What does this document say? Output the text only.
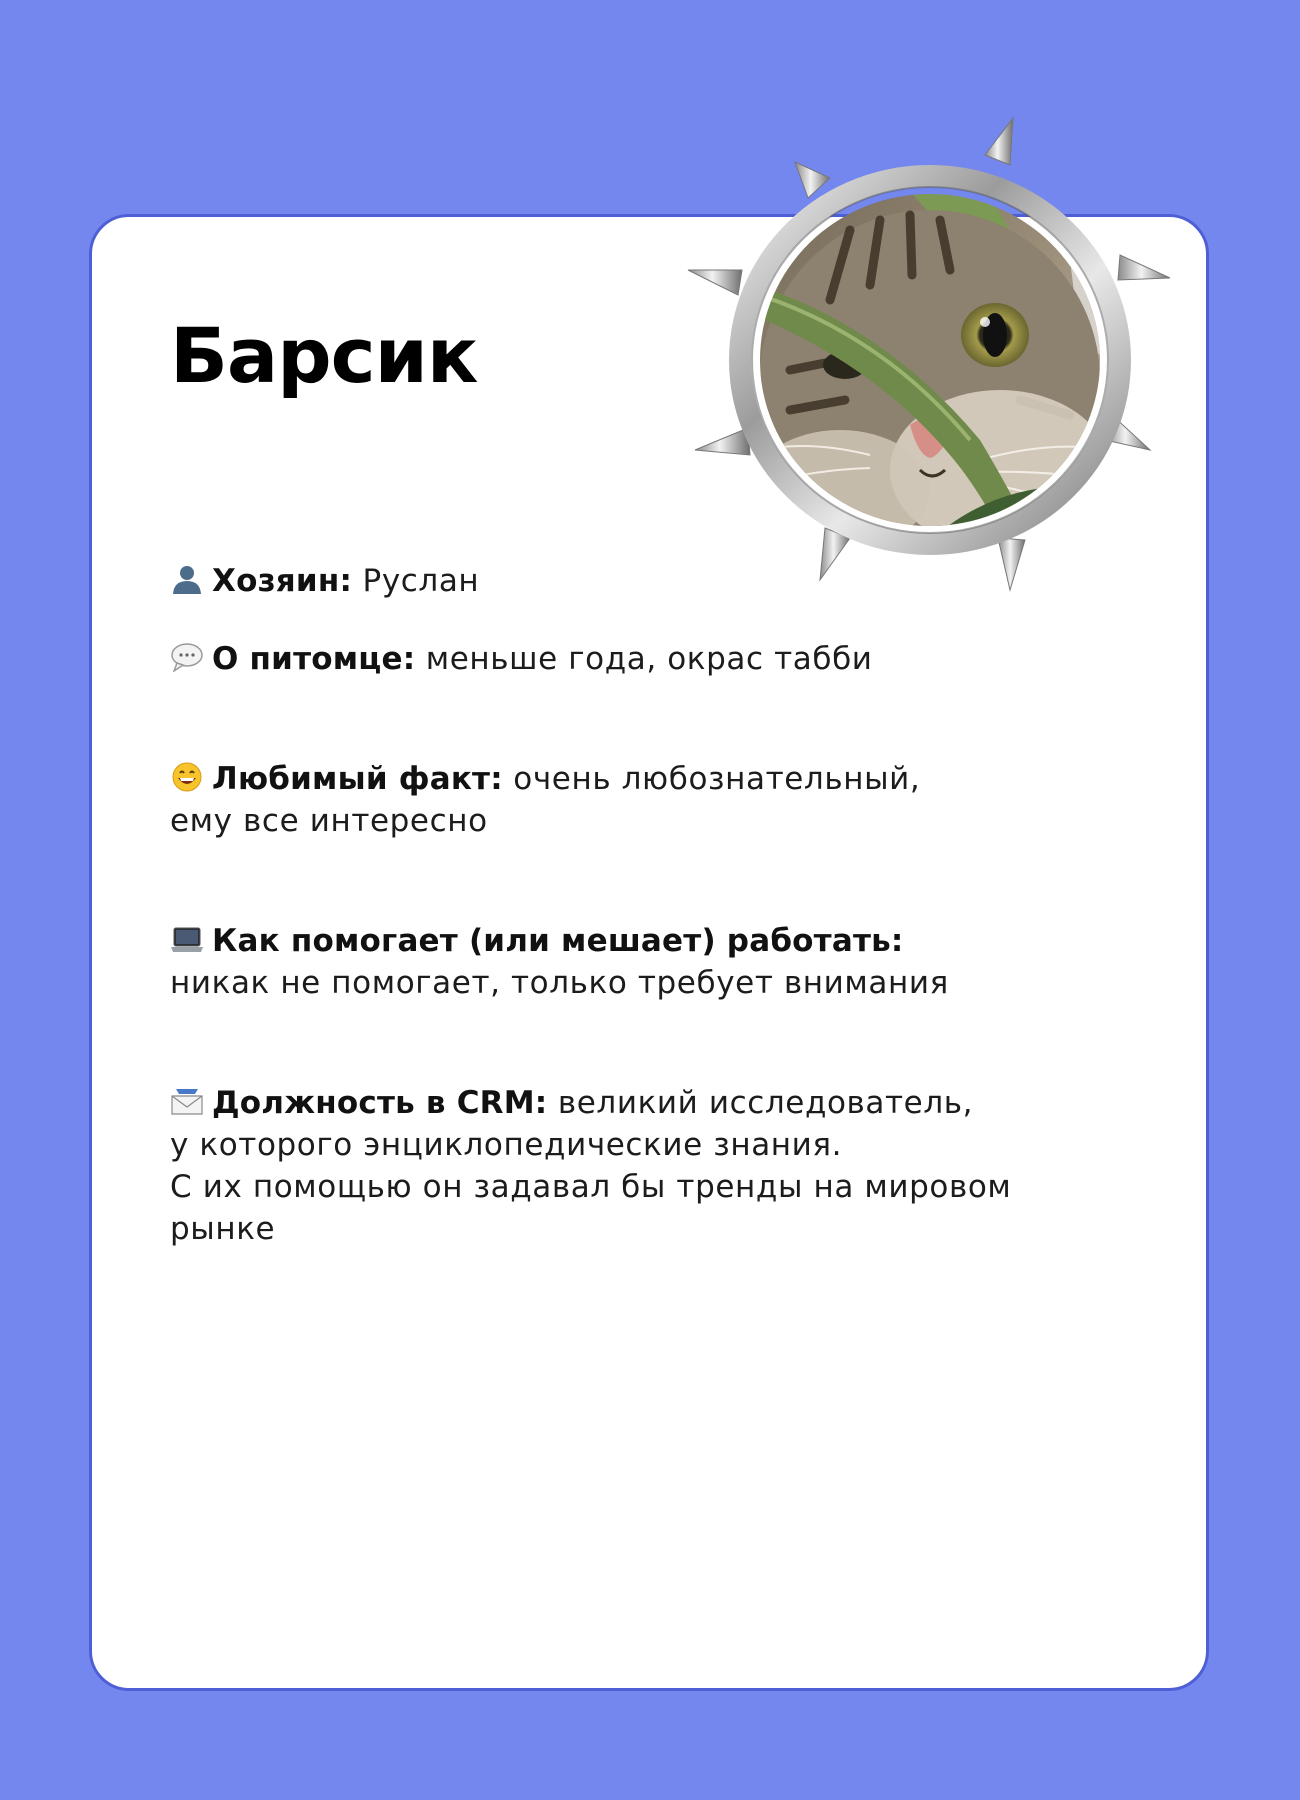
Барсик

Хозяин: Руслан

О питомце: меньше года, окрас табби

Любимый факт: очень любознательный,
ему все интересно

Как помогает (или мешает) работать:
никак не помогает, только требует внимания

Должность в CRM: великий исследователь,
у которого энциклопедические знания.
С их помощью он задавал бы тренды на мировом
рынке
